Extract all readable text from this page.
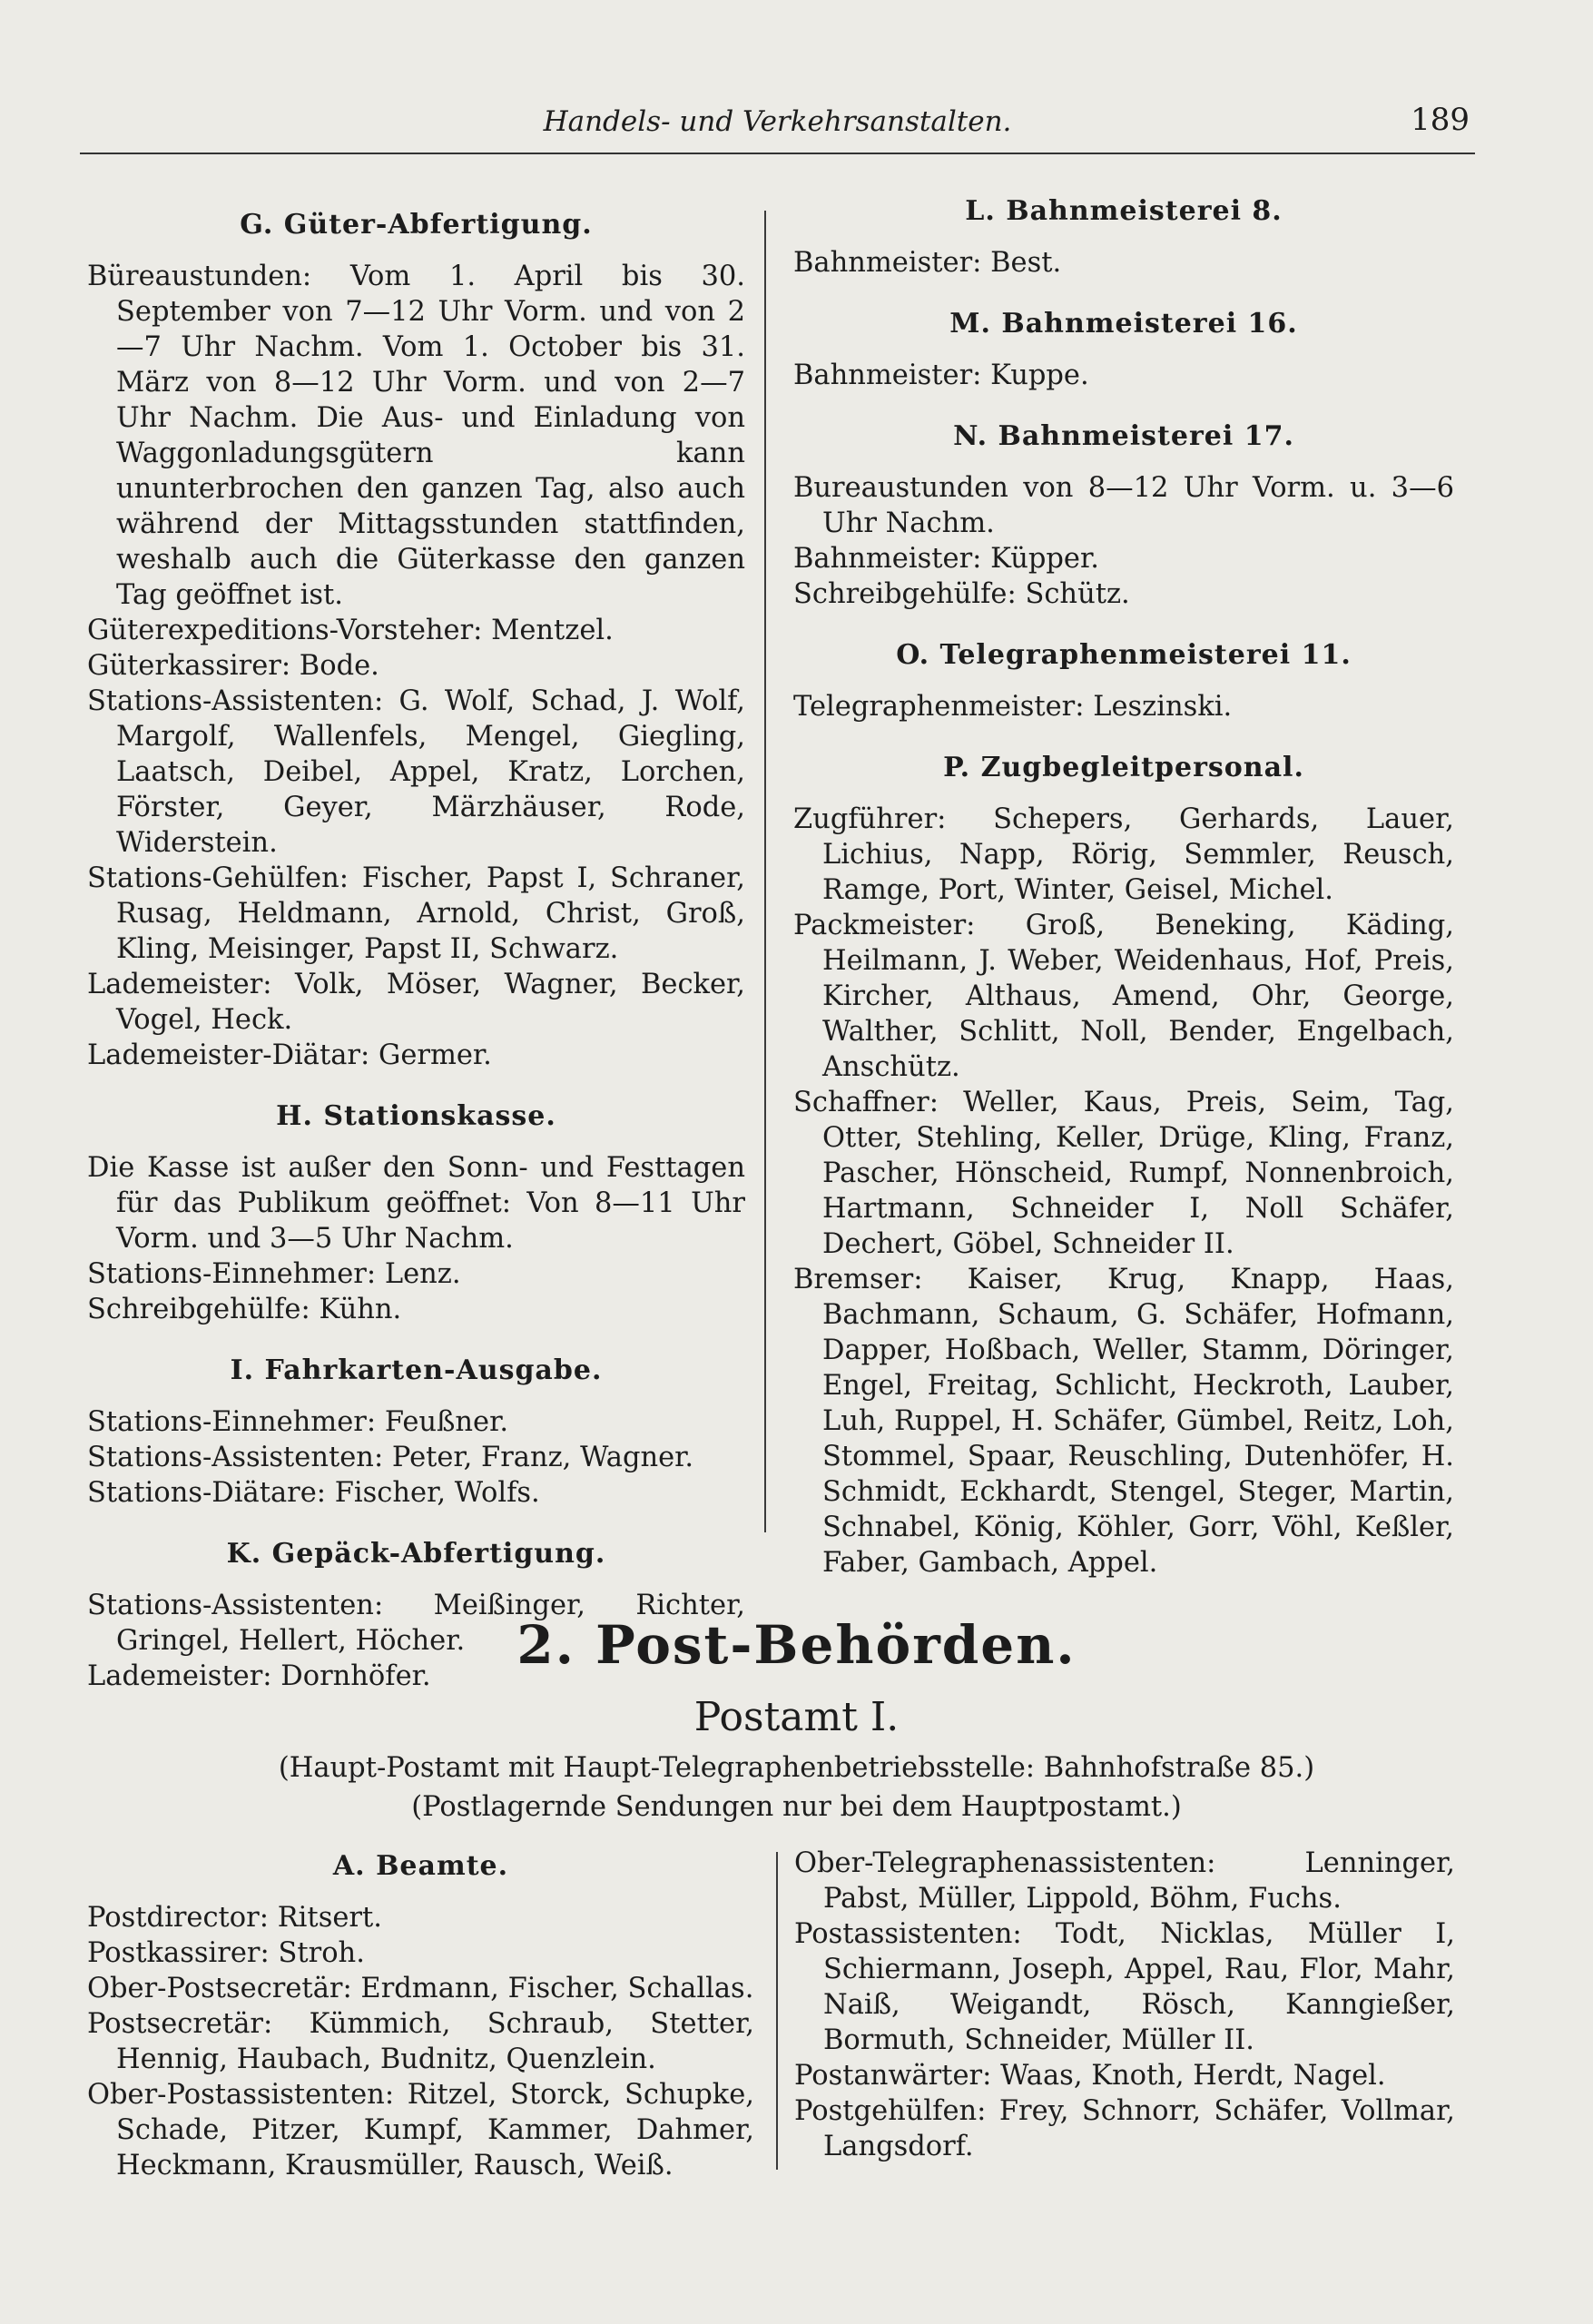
Handels- und Verkehrsanstalten.	189

G. Güter-Abfertigung.

Büreaustunden: Vom 1. April bis 30. September von 7—12 Uhr Vorm. und von 2—7 Uhr Nachm. Vom 1. October bis 31. März von 8—12 Uhr Vorm. und von 2—7 Uhr Nachm. Die Aus- und Einladung von Waggonladungsgütern kann ununterbrochen den ganzen Tag, also auch während der Mittagsstunden stattfinden, weshalb auch die Güterkasse den ganzen Tag geöffnet ist.

Güterexpeditions-Vorsteher: Mentzel.

Güterkassirer: Bode.

Stations-Assistenten: G. Wolf, Schad, J. Wolf, Margolf, Wallenfels, Mengel, Giegling, Laatsch, Deibel, Appel, Kratz, Lorchen, Förster, Geyer, Märzhäuser, Rode, Widerstein.

Stations-Gehülfen: Fischer, Papst I, Schraner, Rusag, Heldmann, Arnold, Christ, Groß, Kling, Meisinger, Papst II, Schwarz.

Lademeister: Volk, Möser, Wagner, Becker, Vogel, Heck.

Lademeister-Diätar: Germer.

H. Stationskasse.

Die Kasse ist außer den Sonn- und Festtagen für das Publikum geöffnet: Von 8—11 Uhr Vorm. und 3—5 Uhr Nachm.

Stations-Einnehmer: Lenz.

Schreibgehülfe: Kühn.

I. Fahrkarten-Ausgabe.

Stations-Einnehmer: Feußner.

Stations-Assistenten: Peter, Franz, Wagner.

Stations-Diätare: Fischer, Wolfs.

K. Gepäck-Abfertigung.

Stations-Assistenten: Meißinger, Richter, Gringel, Hellert, Höcher.

Lademeister: Dornhöfer.

L. Bahnmeisterei 8.

Bahnmeister: Best.

M. Bahnmeisterei 16.

Bahnmeister: Kuppe.

N. Bahnmeisterei 17.

Bureaustunden von 8—12 Uhr Vorm. u. 3—6 Uhr Nachm.

Bahnmeister: Küpper.

Schreibgehülfe: Schütz.

O. Telegraphenmeisterei 11.

Telegraphenmeister: Leszinski.

P. Zugbegleitpersonal.

Zugführer: Schepers, Gerhards, Lauer, Lichius, Napp, Rörig, Semmler, Reusch, Ramge, Port, Winter, Geisel, Michel.

Packmeister: Groß, Beneking, Käding, Heilmann, J. Weber, Weidenhaus, Hof, Preis, Kircher, Althaus, Amend, Ohr, George, Walther, Schlitt, Noll, Bender, Engelbach, Anschütz.

Schaffner: Weller, Kaus, Preis, Seim, Tag, Otter, Stehling, Keller, Drüge, Kling, Franz, Pascher, Hönscheid, Rumpf, Nonnenbroich, Hartmann, Schneider I, Noll Schäfer, Dechert, Göbel, Schneider II.

Bremser: Kaiser, Krug, Knapp, Haas, Bachmann, Schaum, G. Schäfer, Hofmann, Dapper, Hoßbach, Weller, Stamm, Döringer, Engel, Freitag, Schlicht, Heckroth, Lauber, Luh, Ruppel, H. Schäfer, Gümbel, Reitz, Loh, Stommel, Spaar, Reuschling, Dutenhöfer, H. Schmidt, Eckhardt, Stengel, Steger, Martin, Schnabel, König, Köhler, Gorr, Vöhl, Keßler, Faber, Gambach, Appel.

2. Post-Behörden.
Postamt I.
(Haupt-Postamt mit Haupt-Telegraphenbetriebsstelle: Bahnhofstraße 85.)
(Postlagernde Sendungen nur bei dem Hauptpostamt.)

A. Beamte.

Postdirector: Ritsert.

Postkassirer: Stroh.

Ober-Postsecretär: Erdmann, Fischer, Schallas.

Postsecretär: Kümmich, Schraub, Stetter, Hennig, Haubach, Budnitz, Quenzlein.

Ober-Postassistenten: Ritzel, Storck, Schupke, Schade, Pitzer, Kumpf, Kammer, Dahmer, Heckmann, Krausmüller, Rausch, Weiß.

Ober-Telegraphenassistenten: Lenninger, Pabst, Müller, Lippold, Böhm, Fuchs.

Postassistenten: Todt, Nicklas, Müller I, Schiermann, Joseph, Appel, Rau, Flor, Mahr, Naiß, Weigandt, Rösch, Kanngießer, Bormuth, Schneider, Müller II.

Postanwärter: Waas, Knoth, Herdt, Nagel.

Postgehülfen: Frey, Schnorr, Schäfer, Vollmar, Langsdorf.
